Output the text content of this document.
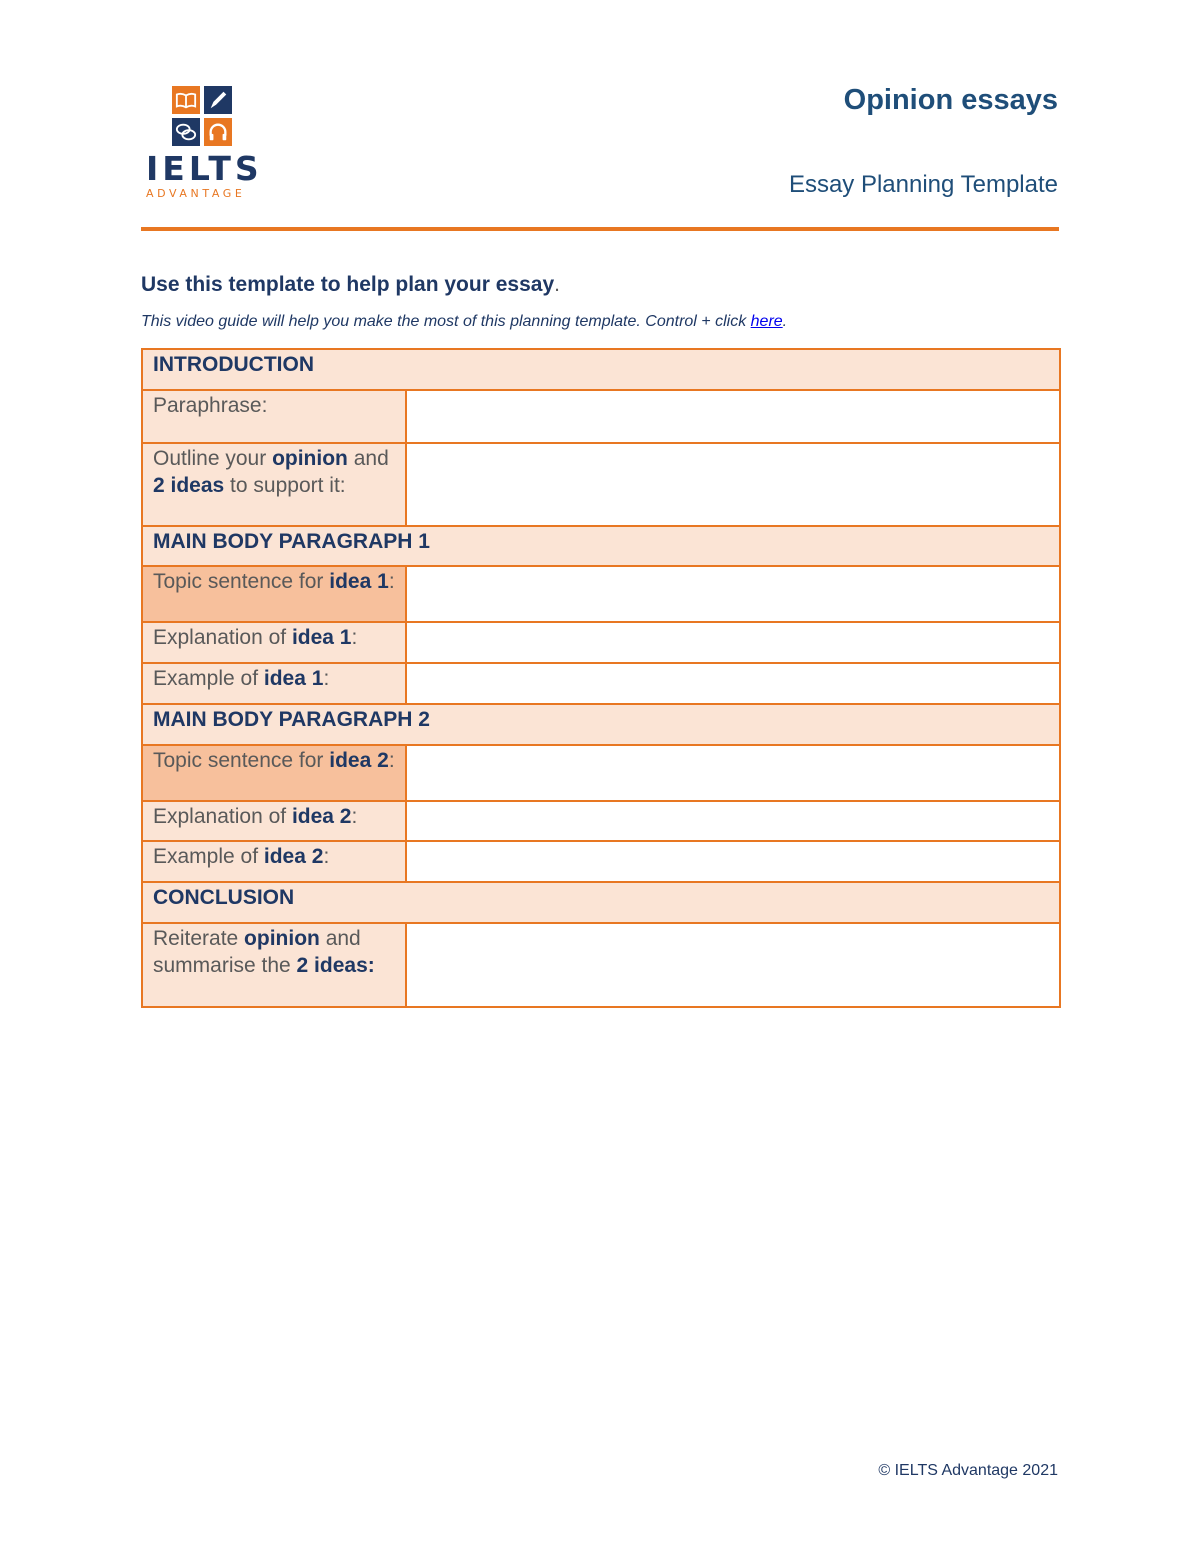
IELTS
ADVANTAGE
Opinion essays
Essay Planning Template
Use this template to help plan your essay.
This video guide will help you make the most of this planning template. Control + click here.
INTRODUCTION	
Paraphrase:	
Outline your opinion and 2 ideas to support it:	
MAIN BODY PARAGRAPH 1	
Topic sentence for idea 1:	
Explanation of idea 1:	
Example of idea 1:	
MAIN BODY PARAGRAPH 2	
Topic sentence for idea 2:	
Explanation of idea 2:	
Example of idea 2:	
CONCLUSION	
Reiterate opinion and summarise the 2 ideas:	
© IELTS Advantage 2021
